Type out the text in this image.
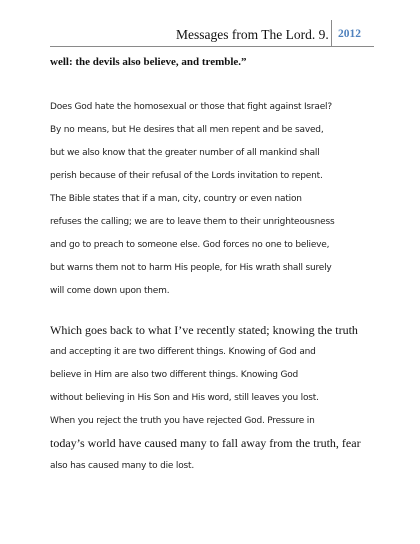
Messages from The Lord. 9. 2012
well: the devils also believe, and tremble.”
Does God hate the homosexual or those that fight against Israel?
By no means, but He desires that all men repent and be saved,
but we also know that the greater number of all mankind shall
perish because of their refusal of the Lords invitation to repent.
The Bible states that if a man, city, country or even nation
refuses the calling; we are to leave them to their unrighteousness
and go to preach to someone else. God forces no one to believe,
but warns them not to harm His people, for His wrath shall surely
will come down upon them.
Which goes back to what I’ve recently stated; knowing the truth
and accepting it are two different things. Knowing of God and
believe in Him are also two different things. Knowing God
without believing in His Son and His word, still leaves you lost.
When you reject the truth you have rejected God. Pressure in
today’s world have caused many to fall away from the truth, fear
also has caused many to die lost.
